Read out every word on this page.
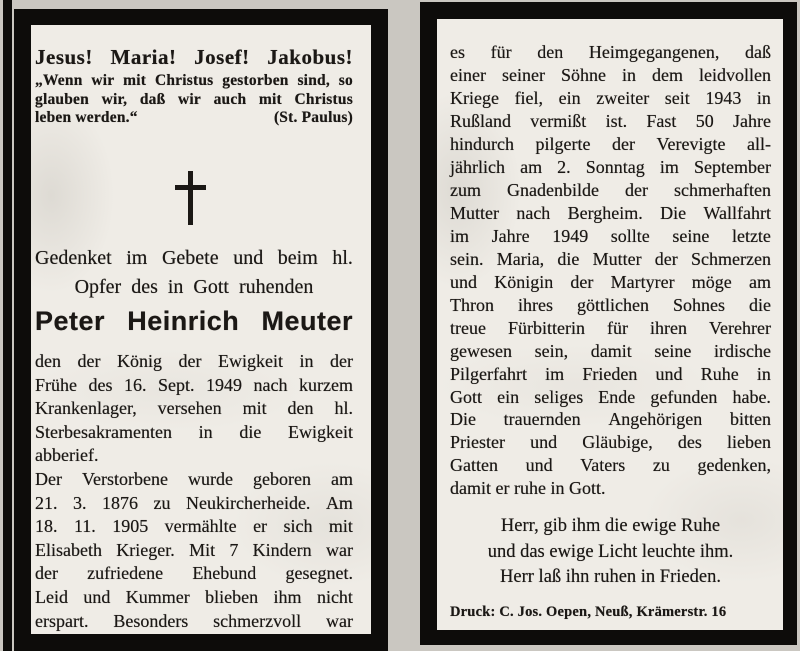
Jesus! Maria! Josef! Jakobus!
„Wenn wir mit Christus gestorben sind, so
glauben wir, daß wir auch mit Christus
leben werden.“	(St. Paulus)
Gedenket im Gebete und beim hl.
Opfer des in Gott ruhenden
Peter Heinrich Meuter
den der König der Ewigkeit in der
Frühe des 16. Sept. 1949 nach kurzem
Krankenlager, versehen mit den hl.
Sterbesakramenten in die Ewigkeit
abberief.
Der Verstorbene wurde geboren am
21. 3. 1876 zu Neukircherheide. Am
18. 11. 1905 vermählte er sich mit
Elisabeth Krieger. Mit 7 Kindern war
der zufriedene Ehebund gesegnet.
Leid und Kummer blieben ihm nicht
erspart. Besonders schmerzvoll war
es für den Heimgegangenen, daß
einer seiner Söhne in dem leidvollen
Kriege fiel, ein zweiter seit 1943 in
Rußland vermißt ist. Fast 50 Jahre
hindurch pilgerte der Verevigte all-
jährlich am 2. Sonntag im September
zum Gnadenbilde der schmerhaften
Mutter nach Bergheim. Die Wallfahrt
im Jahre 1949 sollte seine letzte
sein. Maria, die Mutter der Schmerzen
und Königin der Martyrer möge am
Thron ihres göttlichen Sohnes die
treue Fürbitterin für ihren Verehrer
gewesen sein, damit seine irdische
Pilgerfahrt im Frieden und Ruhe in
Gott ein seliges Ende gefunden habe.
Die trauernden Angehörigen bitten
Priester und Gläubige, des lieben
Gatten und Vaters zu gedenken,
damit er ruhe in Gott.
Herr, gib ihm die ewige Ruhe
und das ewige Licht leuchte ihm.
Herr laß ihn ruhen in Frieden.
Druck: C. Jos. Oepen, Neuß, Krämerstr. 16
